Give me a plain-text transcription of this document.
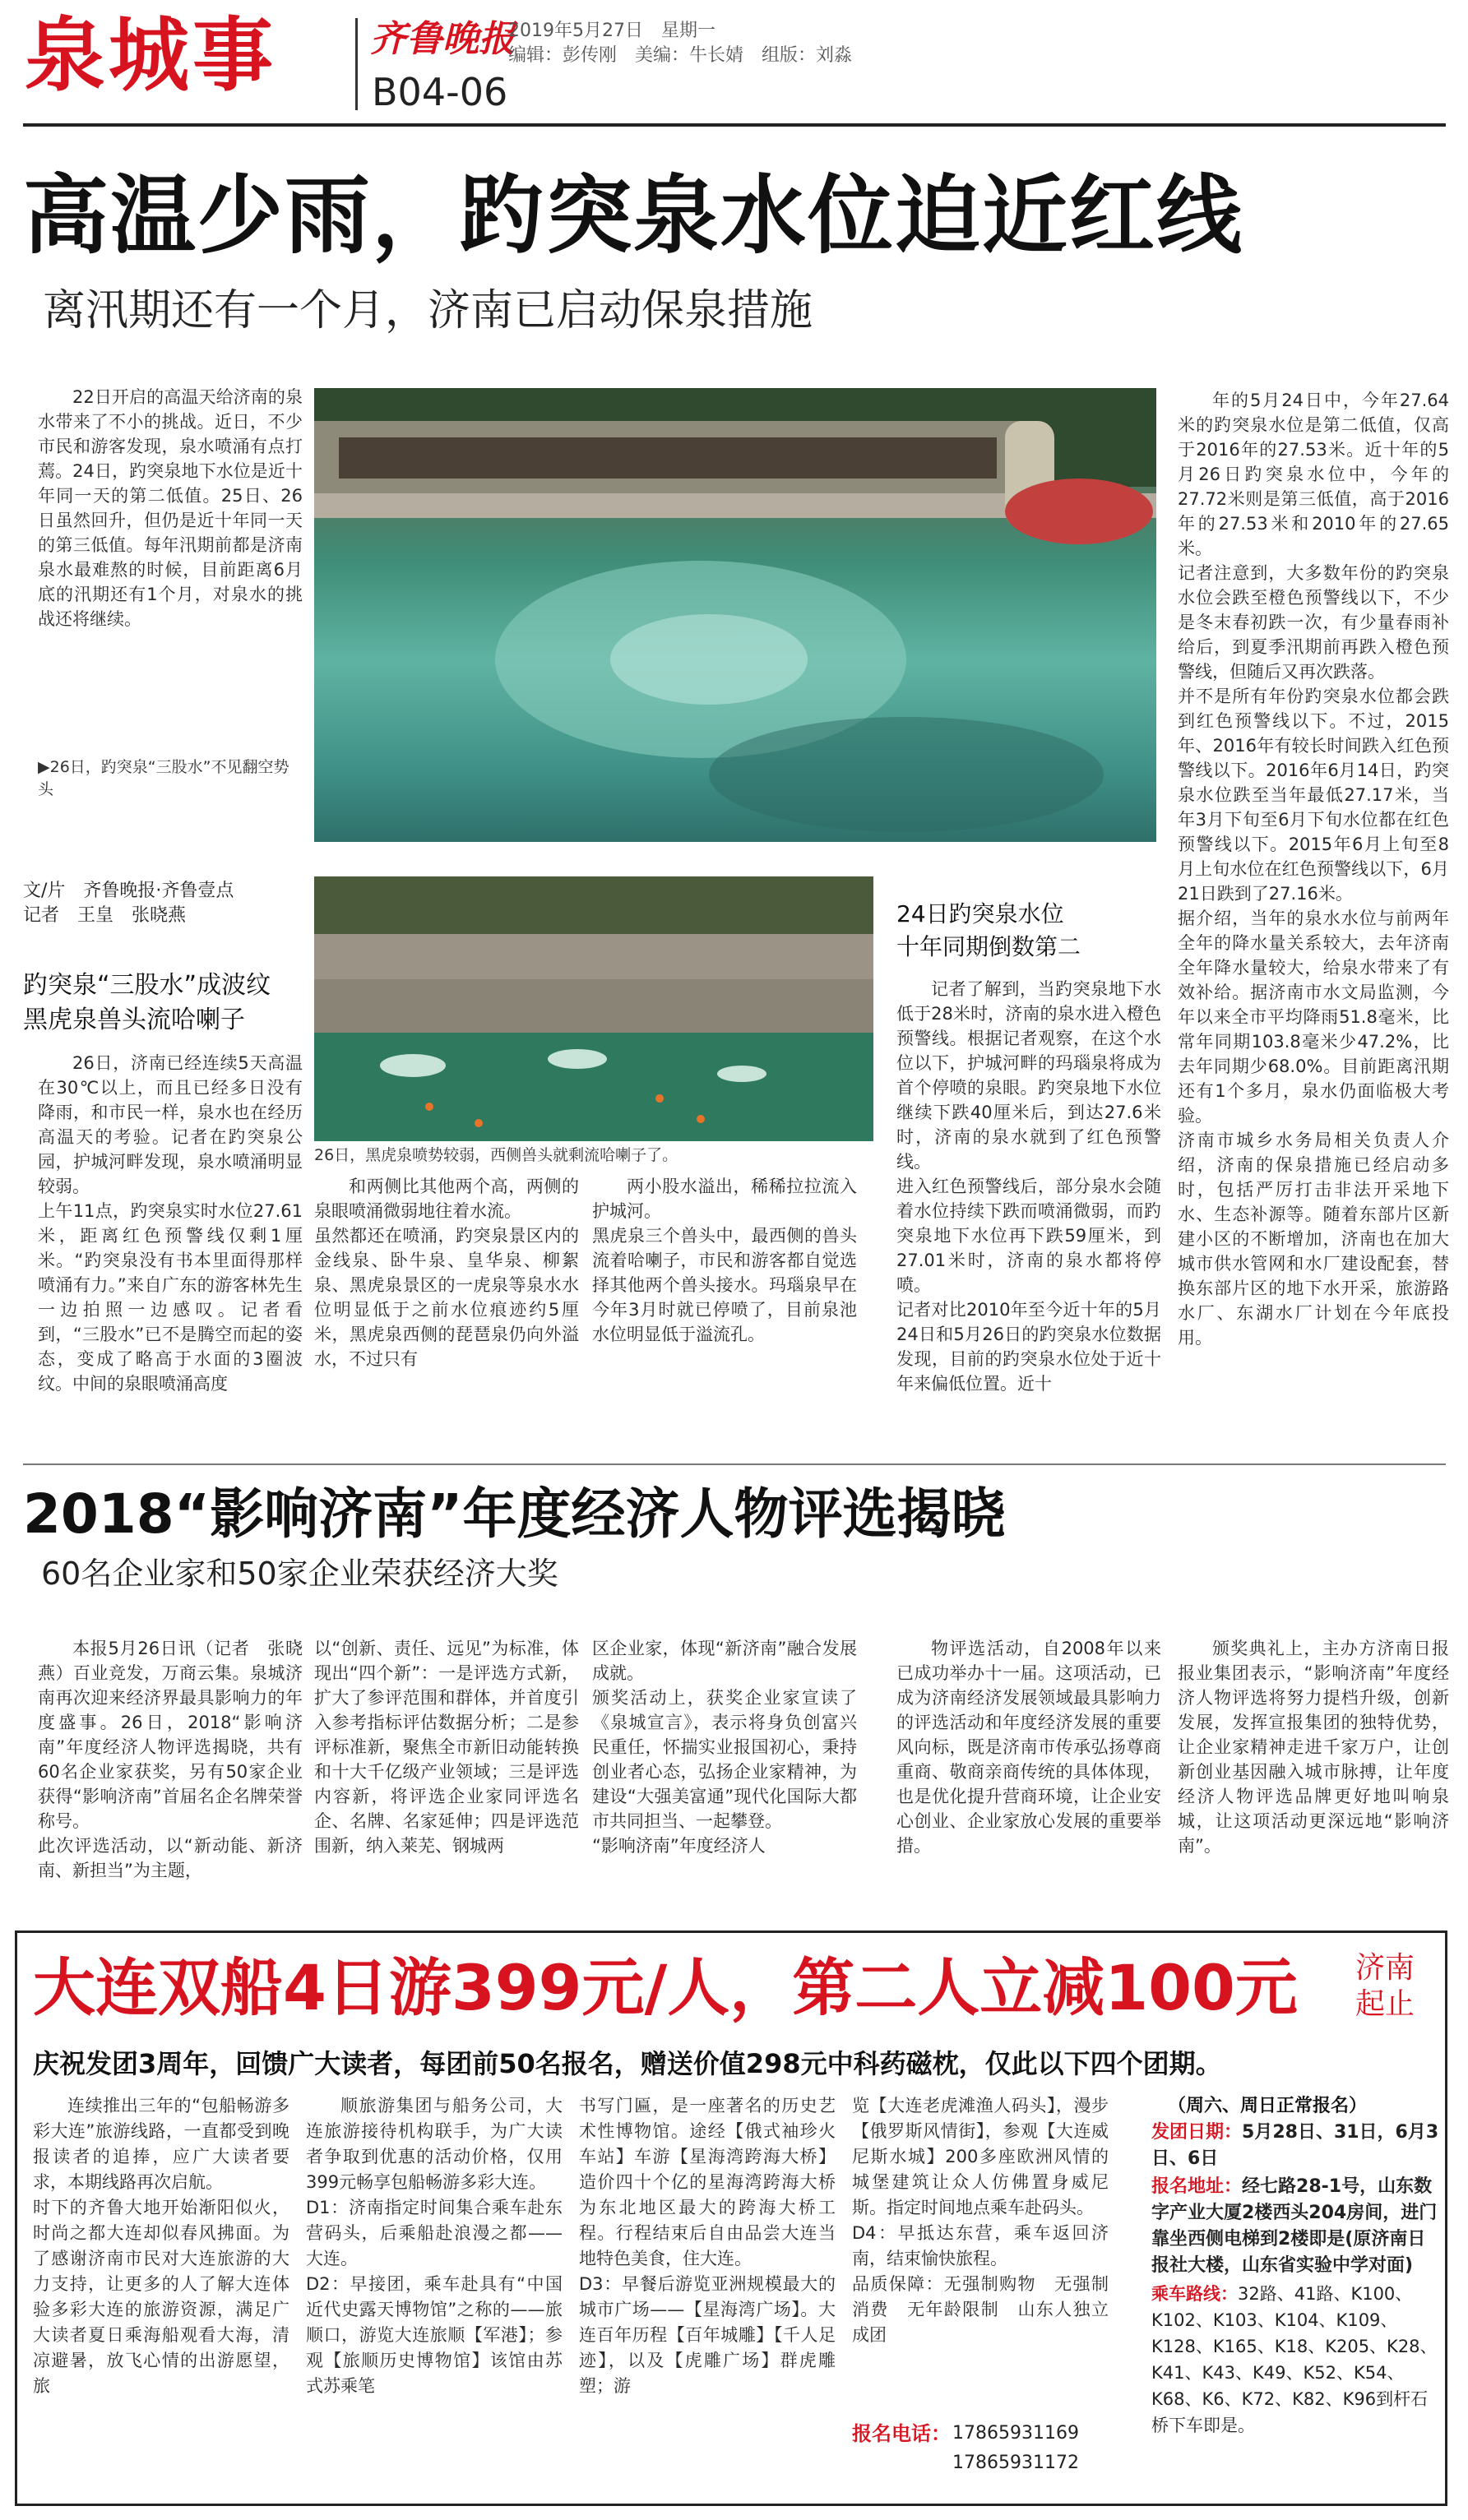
泉城事	齐鲁晚报
B04-06
2019年5月27日　星期一
编辑：彭传刚　美编：牛长婧　组版：刘淼
高温少雨，趵突泉水位迫近红线
离汛期还有一个月，济南已启动保泉措施
22日开启的高温天给济南的泉水带来了不小的挑战。近日，不少市民和游客发现，泉水喷涌有点打蔫。24日，趵突泉地下水位是近十年同一天的第二低值。25日、26日虽然回升，但仍是近十年同一天的第三低值。每年汛期前都是济南泉水最难熬的时候，目前距离6月底的汛期还有1个月，对泉水的挑战还将继续。
▶26日，趵突泉“三股水”不见翻空势头
文/片　齐鲁晚报·齐鲁壹点
记者　王皇　张晓燕
趵突泉“三股水”成波纹
黑虎泉兽头流哈喇子
26日，济南已经连续5天高温在30℃以上，而且已经多日没有降雨，和市民一样，泉水也在经历高温天的考验。记者在趵突泉公园，护城河畔发现，泉水喷涌明显较弱。
上午11点，趵突泉实时水位27.61米，距离红色预警线仅剩1厘米。“趵突泉没有书本里面得那样喷涌有力。”来自广东的游客林先生一边拍照一边感叹。记者看到，“三股水”已不是腾空而起的姿态，变成了略高于水面的3圈波纹。中间的泉眼喷涌高度
26日，黑虎泉喷势较弱，西侧兽头就剩流哈喇子了。
和两侧比其他两个高，两侧的泉眼喷涌微弱地往着水流。
虽然都还在喷涌，趵突泉景区内的金线泉、卧牛泉、皇华泉、柳絮泉、黑虎泉景区的一虎泉等泉水水位明显低于之前水位痕迹约5厘米，黑虎泉西侧的琵琶泉仍向外溢水，不过只有
两小股水溢出，稀稀拉拉流入护城河。
黑虎泉三个兽头中，最西侧的兽头流着哈喇子，市民和游客都自觉选择其他两个兽头接水。玛瑙泉早在今年3月时就已停喷了，目前泉池水位明显低于溢流孔。
24日趵突泉水位
十年同期倒数第二
记者了解到，当趵突泉地下水低于28米时，济南的泉水进入橙色预警线。根据记者观察，在这个水位以下，护城河畔的玛瑙泉将成为首个停喷的泉眼。趵突泉地下水位继续下跌40厘米后，到达27.6米时，济南的泉水就到了红色预警线。
进入红色预警线后，部分泉水会随着水位持续下跌而喷涌微弱，而趵突泉地下水位再下跌59厘米，到27.01米时，济南的泉水都将停喷。
记者对比2010年至今近十年的5月24日和5月26日的趵突泉水位数据发现，目前的趵突泉水位处于近十年来偏低位置。近十
年的5月24日中，今年27.64米的趵突泉水位是第二低值，仅高于2016年的27.53米。近十年的5月26日趵突泉水位中，今年的27.72米则是第三低值，高于2016年的27.53米和2010年的27.65米。
记者注意到，大多数年份的趵突泉水位会跌至橙色预警线以下，不少是冬末春初跌一次，有少量春雨补给后，到夏季汛期前再跌入橙色预警线，但随后又再次跌落。
并不是所有年份趵突泉水位都会跌到红色预警线以下。不过，2015年、2016年有较长时间跌入红色预警线以下。2016年6月14日，趵突泉水位跌至当年最低27.17米，当年3月下旬至6月下旬水位都在红色预警线以下。2015年6月上旬至8月上旬水位在红色预警线以下，6月21日跌到了27.16米。
据介绍，当年的泉水水位与前两年全年的降水量关系较大，去年济南全年降水量较大，给泉水带来了有效补给。据济南市水文局监测，今年以来全市平均降雨51.8毫米，比常年同期103.8毫米少47.2%，比去年同期少68.0%。目前距离汛期还有1个多月，泉水仍面临极大考验。
济南市城乡水务局相关负责人介绍，济南的保泉措施已经启动多时，包括严厉打击非法开采地下水、生态补源等。随着东部片区新建小区的不断增加，济南也在加大城市供水管网和水厂建设配套，替换东部片区的地下水开采，旅游路水厂、东湖水厂计划在今年底投用。
2018“影响济南”年度经济人物评选揭晓
60名企业家和50家企业荣获经济大奖
本报5月26日讯（记者　张晓燕）百业竞发，万商云集。泉城济南再次迎来经济界最具影响力的年度盛事。26日，2018“影响济南”年度经济人物评选揭晓，共有60名企业家获奖，另有50家企业获得“影响济南”首届名企名牌荣誉称号。
此次评选活动，以“新动能、新济南、新担当”为主题，
以“创新、责任、远见”为标准，体现出“四个新”：一是评选方式新，扩大了参评范围和群体，并首度引入参考指标评估数据分析；二是参评标准新，聚焦全市新旧动能转换和十大千亿级产业领域；三是评选内容新，将评选企业家同评选名企、名牌、名家延伸；四是评选范围新，纳入莱芜、钢城两
区企业家，体现“新济南”融合发展成就。
颁奖活动上，获奖企业家宣读了《泉城宣言》，表示将身负创富兴民重任，怀揣实业报国初心，秉持创业者心态，弘扬企业家精神，为建设“大强美富通”现代化国际大都市共同担当、一起攀登。
“影响济南”年度经济人
物评选活动，自2008年以来已成功举办十一届。这项活动，已成为济南经济发展领域最具影响力的评选活动和年度经济发展的重要风向标，既是济南市传承弘扬尊商重商、敬商亲商传统的具体体现，也是优化提升营商环境，让企业安心创业、企业家放心发展的重要举措。
颁奖典礼上，主办方济南日报报业集团表示，“影响济南”年度经济人物评选将努力提档升级，创新发展，发挥宣报集团的独特优势，让企业家精神走进千家万户，让创新创业基因融入城市脉搏，让年度经济人物评选品牌更好地叫响泉城，让这项活动更深远地“影响济南”。
大连双船4日游399元/人，第二人立减100元 济南起止
庆祝发团3周年，回馈广大读者，每团前50名报名，赠送价值298元中科药磁枕，仅此以下四个团期。
连续推出三年的“包船畅游多彩大连”旅游线路，一直都受到晚报读者的追捧，应广大读者要求，本期线路再次启航。
时下的齐鲁大地开始渐阳似火，时尚之都大连却似春风拂面。为了感谢济南市民对大连旅游的大力支持，让更多的人了解大连体验多彩大连的旅游资源，满足广大读者夏日乘海船观看大海，清凉避暑，放飞心情的出游愿望，旅
顺旅游集团与船务公司，大连旅游接待机构联手，为广大读者争取到优惠的活动价格，仅用399元畅享包船畅游多彩大连。
D1：济南指定时间集合乘车赴东营码头，后乘船赴浪漫之都——大连。
D2：早接团，乘车赴具有“中国近代史露天博物馆”之称的——旅顺口，游览大连旅顺【军港】；参观【旅顺历史博物馆】该馆由苏式苏乘笔
书写门匾，是一座著名的历史艺术性博物馆。途经【俄式袖珍火车站】车游【星海湾跨海大桥】造价四十个亿的星海湾跨海大桥为东北地区最大的跨海大桥工程。行程结束后自由品尝大连当地特色美食，住大连。
D3：早餐后游览亚洲规模最大的城市广场——【星海湾广场】。大连百年历程【百年城雕】【千人足迹】，以及【虎雕广场】群虎雕塑；游
览【大连老虎滩渔人码头】，漫步【俄罗斯风情街】，参观【大连威尼斯水城】200多座欧洲风情的城堡建筑让众人仿佛置身威尼斯。指定时间地点乘车赴码头。
D4：早抵达东营，乘车返回济南，结束愉快旅程。
品质保障：无强制购物　无强制消费　无年龄限制　山东人独立成团
报名电话： 17865931169
17865931172
（周六、周日正常报名）
发团日期：5月28日、31日，6月3日、6日
报名地址：经七路28-1号，山东数字产业大厦2楼西头204房间，进门靠坐西侧电梯到2楼即是(原济南日报社大楼，山东省实验中学对面)
乘车路线：32路、41路、K100、K102、K103、K104、K109、K128、K165、K18、K205、K28、K41、K43、K49、K52、K54、K68、K6、K72、K82、K96到杆石桥下车即是。
